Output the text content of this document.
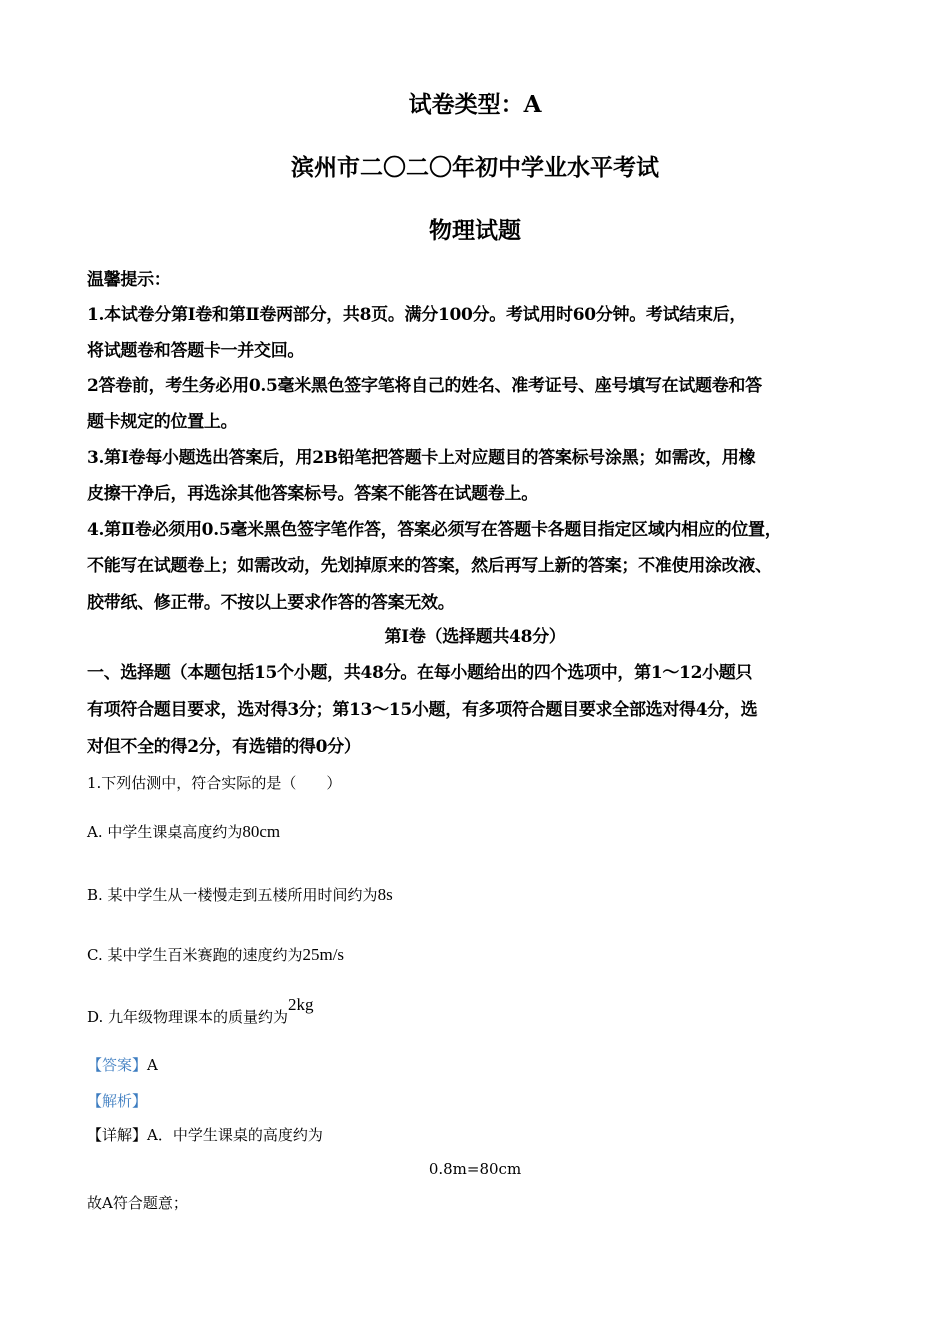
试卷类型：A
滨州市二〇二〇年初中学业水平考试
物理试题
温馨提示：
1.本试卷分第Ⅰ卷和第Ⅱ卷两部分，共8页。满分100分。考试用时60分钟。考试结束后，
将试题卷和答题卡一并交回。
2答卷前，考生务必用0.5毫米黑色签字笔将自己的姓名、准考证号、座号填写在试题卷和答
题卡规定的位置上。
3.第Ⅰ卷每小题选出答案后，用2B铅笔把答题卡上对应题目的答案标号涂黑；如需改，用橡
皮擦干净后，再选涂其他答案标号。答案不能答在试题卷上。
4.第Ⅱ卷必须用0.5毫米黑色签字笔作答，答案必须写在答题卡各题目指定区域内相应的位置，
不能写在试题卷上；如需改动，先划掉原来的答案，然后再写上新的答案；不准使用涂改液、
胶带纸、修正带。不按以上要求作答的答案无效。
第Ⅰ卷（选择题共48分）
一、选择题（本题包括15个小题，共48分。在每小题给出的四个选项中，第1～12小题只
有项符合题目要求，选对得3分；第13～15小题，有多项符合题目要求全部选对得4分，选
对但不全的得2分，有选错的得0分）
1.下列估测中，符合实际的是（　　）
A. 中学生课桌高度约为80cm
B. 某中学生从一楼慢走到五楼所用时间约为8s
C. 某中学生百米赛跑的速度约为25m/s
D. 九年级物理课本的质量约为2kg
【答案】A
【解析】
【详解】A．中学生课桌的高度约为
0.8m=80cm
故A符合题意；
